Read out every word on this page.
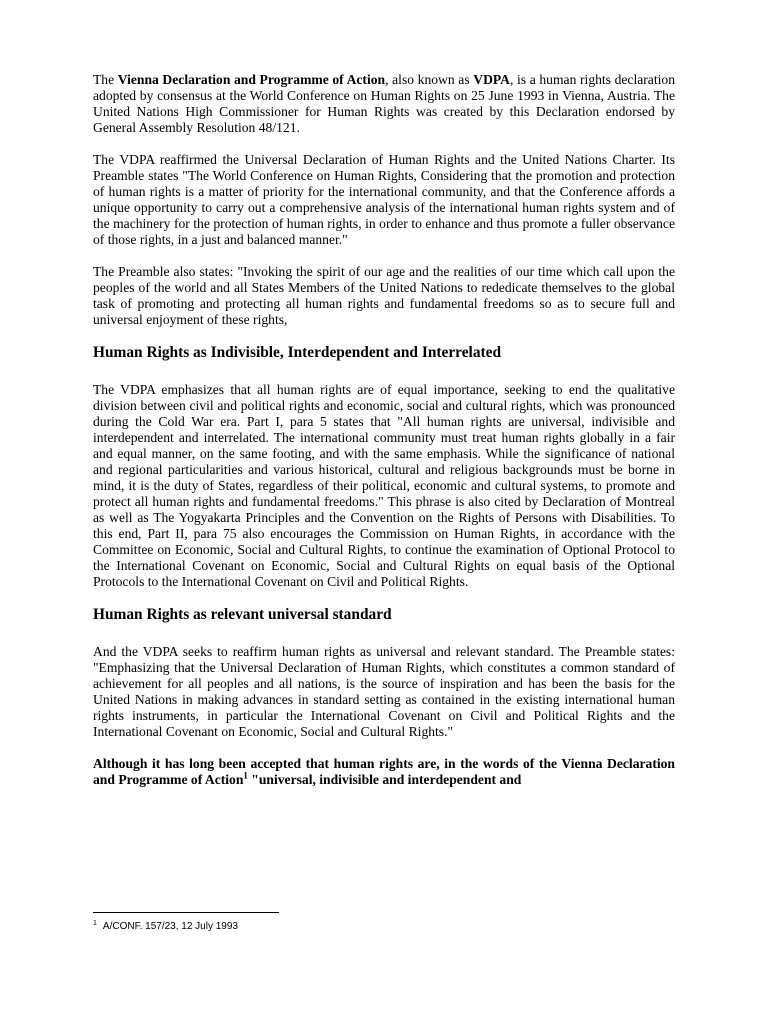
The Vienna Declaration and Programme of Action, also known as VDPA, is a human rights declaration adopted by consensus at the World Conference on Human Rights on 25 June 1993 in Vienna, Austria. The United Nations High Commissioner for Human Rights was created by this Declaration endorsed by General Assembly Resolution 48/121.

The VDPA reaffirmed the Universal Declaration of Human Rights and the United Nations Charter. Its Preamble states "The World Conference on Human Rights, Considering that the promotion and protection of human rights is a matter of priority for the international community, and that the Conference affords a unique opportunity to carry out a comprehensive analysis of the international human rights system and of the machinery for the protection of human rights, in order to enhance and thus promote a fuller observance of those rights, in a just and balanced manner."

The Preamble also states: "Invoking the spirit of our age and the realities of our time which call upon the peoples of the world and all States Members of the United Nations to rededicate themselves to the global task of promoting and protecting all human rights and fundamental freedoms so as to secure full and universal enjoyment of these rights,

Human Rights as Indivisible, Interdependent and Interrelated

The VDPA emphasizes that all human rights are of equal importance, seeking to end the qualitative division between civil and political rights and economic, social and cultural rights, which was pronounced during the Cold War era. Part I, para 5 states that "All human rights are universal, indivisible and interdependent and interrelated. The international community must treat human rights globally in a fair and equal manner, on the same footing, and with the same emphasis. While the significance of national and regional particularities and various historical, cultural and religious backgrounds must be borne in mind, it is the duty of States, regardless of their political, economic and cultural systems, to promote and protect all human rights and fundamental freedoms." This phrase is also cited by Declaration of Montreal as well as The Yogyakarta Principles and the Convention on the Rights of Persons with Disabilities. To this end, Part II, para 75 also encourages the Commission on Human Rights, in accordance with the Committee on Economic, Social and Cultural Rights, to continue the examination of Optional Protocol to the International Covenant on Economic, Social and Cultural Rights on equal basis of the Optional Protocols to the International Covenant on Civil and Political Rights.

Human Rights as relevant universal standard

And the VDPA seeks to reaffirm human rights as universal and relevant standard. The Preamble states: "Emphasizing that the Universal Declaration of Human Rights, which constitutes a common standard of achievement for all peoples and all nations, is the source of inspiration and has been the basis for the United Nations in making advances in standard setting as contained in the existing international human rights instruments, in particular the International Covenant on Civil and Political Rights and the International Covenant on Economic, Social and Cultural Rights."

Although it has long been accepted that human rights are, in the words of the Vienna Declaration and Programme of Action$^1$ "universal, indivisible and interdependent and

$^1$ A/CONF. 157/23, 12 July 1993
